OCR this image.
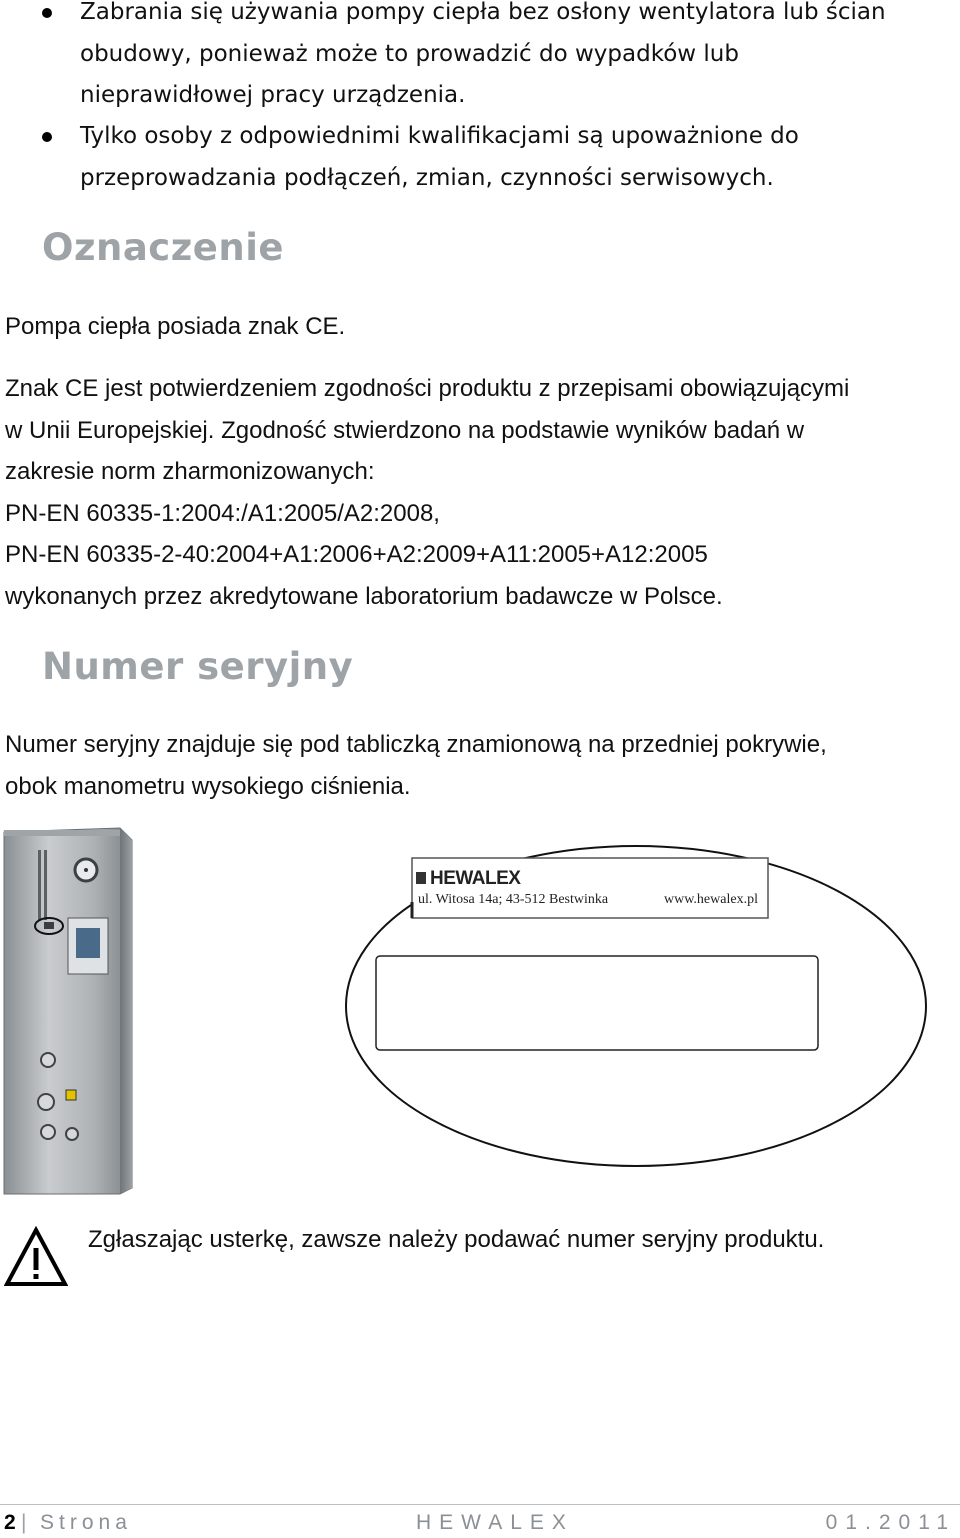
Zabrania się używania pompy ciepła bez osłony wentylatora lub ścian
obudowy, ponieważ może to prowadzić do wypadków lub
nieprawidłowej pracy urządzenia.
Tylko osoby z odpowiednimi kwalifikacjami są upoważnione do
przeprowadzania podłączeń, zmian, czynności serwisowych.
Oznaczenie
Pompa ciepła posiada znak CE.
Znak CE jest potwierdzeniem zgodności produktu z przepisami obowiązującymi
w Unii Europejskiej. Zgodność stwierdzono na podstawie wyników badań w
zakresie norm zharmonizowanych:
PN-EN 60335-1:2004:/A1:2005/A2:2008,
PN-EN 60335-2-40:2004+A1:2006+A2:2009+A11:2005+A12:2005
wykonanych przez akredytowane laboratorium badawcze w Polsce.
Numer seryjny
Numer seryjny znajduje się pod tabliczką znamionową na przedniej pokrywie,
obok manometru wysokiego ciśnienia.
HEWALEX
ul. Witosa 14a; 43-512 Bestwinka	www.hewalex.pl
Zgłaszając usterkę, zawsze należy podawać numer seryjny produktu.
2 | Strona	HEWALEX	01.2011
